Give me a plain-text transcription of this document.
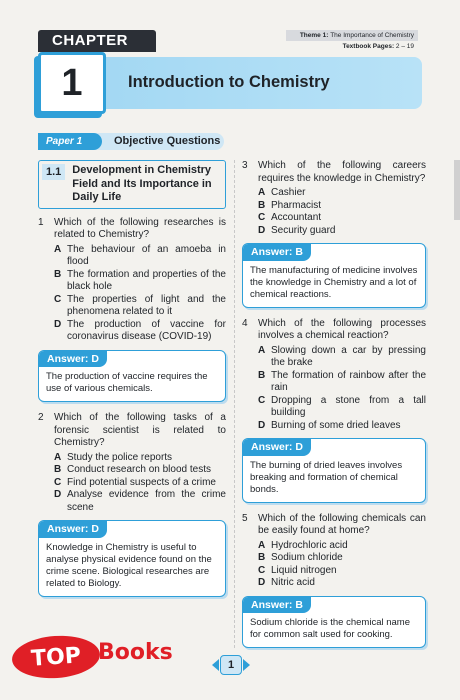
CHAPTER	Theme 1: The Importance of Chemistry
Textbook Pages: 2 – 19
1	Introduction to Chemistry
Paper 1	Objective Questions
1.1	Development in Chemistry Field and Its Importance in Daily Life
1	Which of the following researches is related to Chemistry?
A The behaviour of an amoeba in flood
B The formation and properties of the black hole
C The properties of light and the phenomena related to it
D The production of vaccine for coronavirus disease (COVID-19)
Answer: D
The production of vaccine requires the use of various chemicals.
2	Which of the following tasks of a forensic scientist is related to Chemistry?
A Study the police reports
B Conduct research on blood tests
C Find potential suspects of a crime
D Analyse evidence from the crime scene
Answer: D
Knowledge in Chemistry is useful to analyse physical evidence found on the crime scene. Biological researches are related to Biology.
3	Which of the following careers requires the knowledge in Chemistry?
A Cashier
B Pharmacist
C Accountant
D Security guard
Answer: B
The manufacturing of medicine involves the knowledge in Chemistry and a lot of chemical reactions.
4	Which of the following processes involves a chemical reaction?
A Slowing down a car by pressing the brake
B The formation of rainbow after the rain
C Dropping a stone from a tall building
D Burning of some dried leaves
Answer: D
The burning of dried leaves involves breaking and formation of chemical bonds.
5	Which of the following chemicals can be easily found at home?
A Hydrochloric acid
B Sodium chloride
C Liquid nitrogen
D Nitric acid
Answer: B
Sodium chloride is the chemical name for common salt used for cooking.
1
TOP Books
